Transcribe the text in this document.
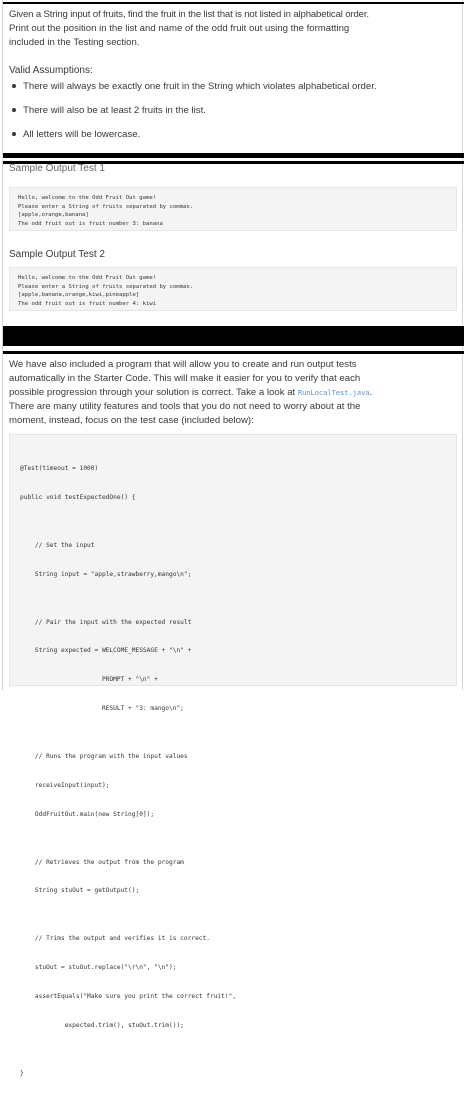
Given a String input of fruits, find the fruit in the list that is not listed in alphabetical order.

Print out the position in the list and name of the odd fruit out using the formatting

included in the Testing section.

Valid Assumptions:
There will always be exactly one fruit in the String which violates alphabetical order.
There will also be at least 2 fruits in the list.
All letters will be lowercase.
Sample Output Test 1
Hello, welcome to the Odd Fruit Out game!
Please enter a String of fruits separated by commas.
[apple,orange,banana]
The odd fruit out is fruit number 3: banana
Sample Output Test 2
Hello, welcome to the Odd Fruit Out game!
Please enter a String of fruits separated by commas.
[apple,banana,orange,kiwi,pineapple]
The odd fruit out is fruit number 4: kiwi

We have also included a program that will allow you to create and run output tests

automatically in the Starter Code. This will make it easier for you to verify that each

possible progression through your solution is correct. Take a look at RunLocalTest.java.

There are many utility features and tools that you do not need to worry about at the

moment, instead, focus on the test case (included below):

@Test(timeout = 1000)

public void testExpectedOne() {

// Set the input

String input = "apple,strawberry,mango\n";

// Pair the input with the expected result

String expected = WELCOME_MESSAGE + "\n" +

PROMPT + "\n" +

RESULT + "3: mango\n";

// Runs the program with the input values

receiveInput(input);

OddFruitOut.main(new String[0]);

// Retrieves the output from the program

String stuOut = getOutput();

// Trims the output and verifies it is correct.

stuOut = stuOut.replace("\r\n", "\n");

assertEquals("Make sure you print the correct fruit!",

expected.trim(), stuOut.trim());

}
